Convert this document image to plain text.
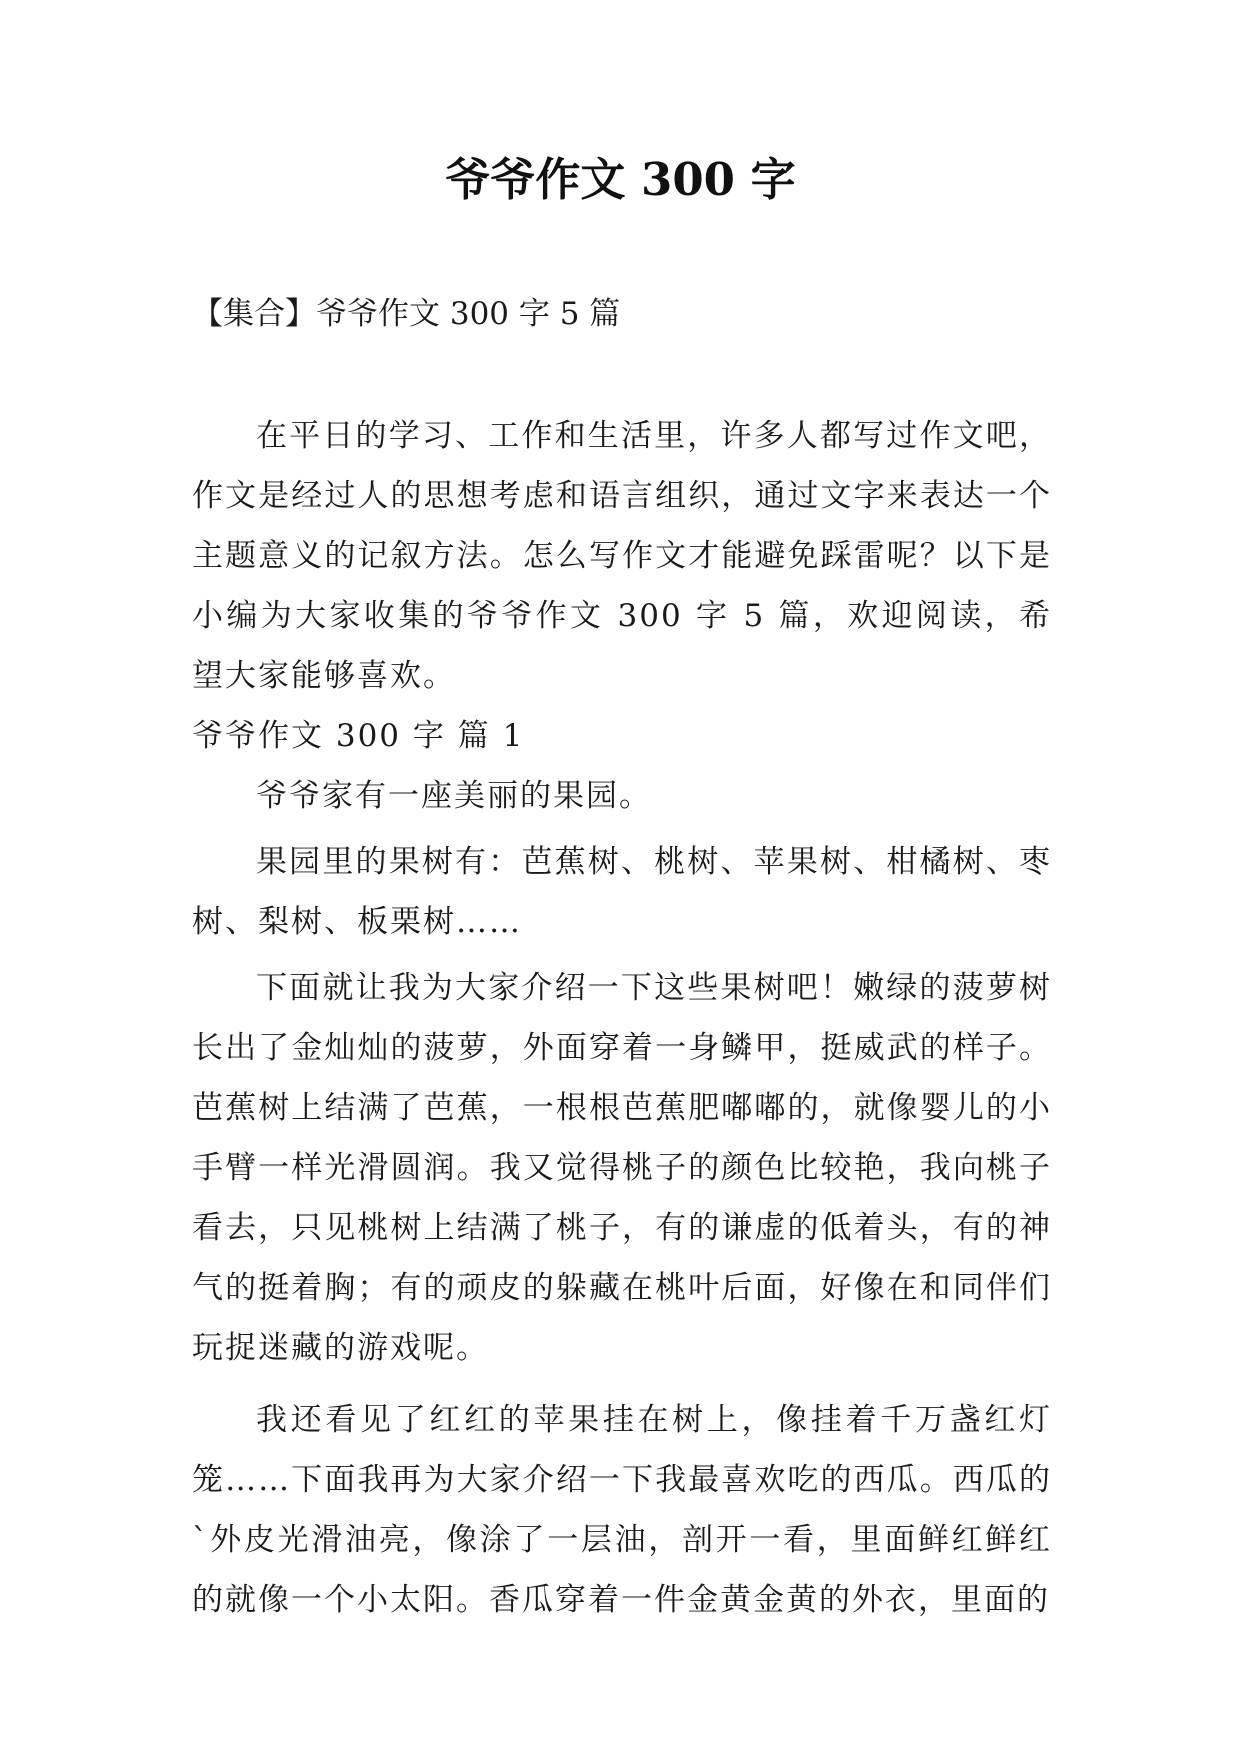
爷爷作文 300 字
【集合】爷爷作文 300 字 5 篇

在平日的学习、工作和生活里，许多人都写过作文吧，作文是经过人的思想考虑和语言组织，通过文字来表达一个主题意义的记叙方法。怎么写作文才能避免踩雷呢？以下是小编为大家收集的爷爷作文 300 字 5 篇，欢迎阅读，希望大家能够喜欢。

爷爷作文 300 字 篇 1

爷爷家有一座美丽的果园。

果园里的果树有：芭蕉树、桃树、苹果树、柑橘树、枣树、梨树、板栗树……

下面就让我为大家介绍一下这些果树吧！嫩绿的菠萝树长出了金灿灿的菠萝，外面穿着一身鳞甲，挺威武的样子。芭蕉树上结满了芭蕉，一根根芭蕉肥嘟嘟的，就像婴儿的小手臂一样光滑圆润。我又觉得桃子的颜色比较艳，我向桃子看去，只见桃树上结满了桃子，有的谦虚的低着头，有的神气的挺着胸；有的顽皮的躲藏在桃叶后面，好像在和同伴们玩捉迷藏的游戏呢。

我还看见了红红的苹果挂在树上，像挂着千万盏红灯笼……下面我再为大家介绍一下我最喜欢吃的西瓜。西瓜的`外皮光滑油亮，像涂了一层油，剖开一看，里面鲜红鲜红的就像一个小太阳。香瓜穿着一件金黄金黄的外衣，里面的
